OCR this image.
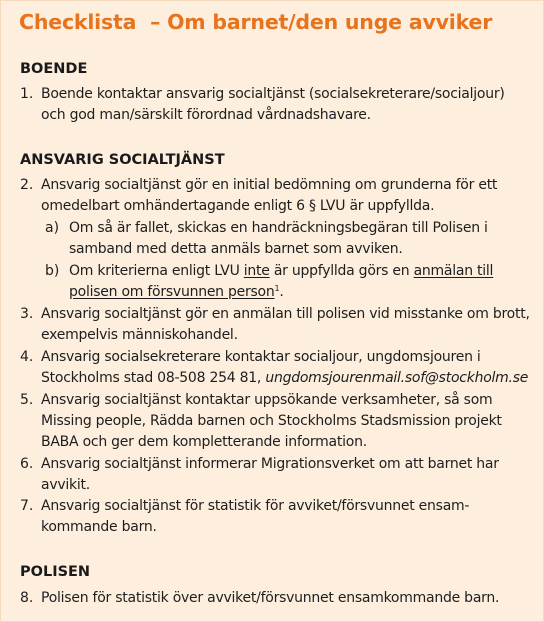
Checklista  – Om barnet/den unge avviker
BOENDE
1. Boende kontaktar ansvarig socialtjänst (socialsekreterare/socialjour)
och god man/särskilt förordnad vårdnadshavare.
ANSVARIG SOCIALTJÄNST
2. Ansvarig socialtjänst gör en initial bedömning om grunderna för ett
omedelbart omhändertagande enligt 6 § LVU är uppfyllda.
a) Om så är fallet, skickas en handräckningsbegäran till Polisen i
samband med detta anmäls barnet som avviken.
b) Om kriterierna enligt LVU inte är uppfyllda görs en anmälan till
polisen om försvunnen person$^1$.
3. Ansvarig socialtjänst gör en anmälan till polisen vid misstanke om brott,
exempelvis människohandel.
4. Ansvarig socialsekreterare kontaktar socialjour, ungdomsjouren i
Stockholms stad 08-508 254 81, ungdomsjourenmail.sof@stockholm.se
5. Ansvarig socialtjänst kontaktar uppsökande verksamheter, så som
Missing people, Rädda barnen och Stockholms Stadsmission projekt
BABA och ger dem kompletterande information.
6. Ansvarig socialtjänst informerar Migrationsverket om att barnet har
avvikit.
7. Ansvarig socialtjänst för statistik för avviket/försvunnet ensam-
kommande barn.
POLISEN
8. Polisen för statistik över avviket/försvunnet ensamkommande barn.
